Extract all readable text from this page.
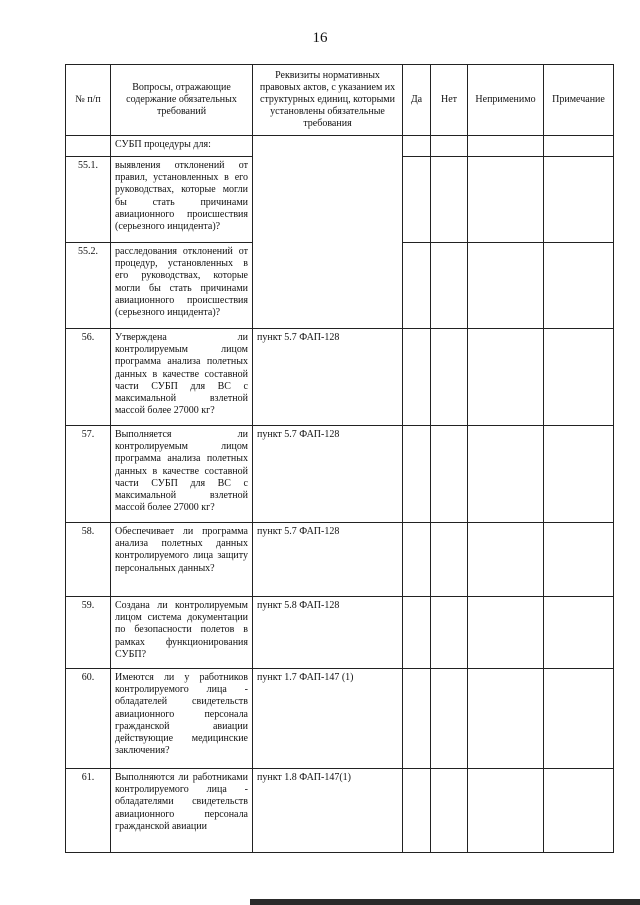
16
№ п/п	Вопросы, отражающие содержание обязательных требований	Реквизиты нормативных правовых актов, с указанием их структурных единиц, которыми установлены обязательные требования	Да	Нет	Неприменимо	Примечание
	СУБП процедуры для:					
55.1.	выявления отклонений от правил, установленных в его руководствах, которые могли бы стать причинами авиационного происшествия (серьезного инцидента)?					
55.2.	расследования отклонений от процедур, установленных в его руководствах, которые могли бы стать причинами авиационного происшествия (серьезного инцидента)?					
56.	Утверждена ли контролируемым лицом программа анализа полетных данных в качестве составной части СУБП для ВС с максимальной взлетной массой более 27000 кг?	пункт 5.7 ФАП-128				
57.	Выполняется ли контролируемым лицом программа анализа полетных данных в качестве составной части СУБП для ВС с максимальной взлетной массой более 27000 кг?	пункт 5.7 ФАП-128				
58.	Обеспечивает ли программа анализа полетных данных контролируемого лица защиту персональных данных?	пункт 5.7 ФАП-128				
59.	Создана ли контролируемым лицом система документации по безопасности полетов в рамках функционирования СУБП?	пункт 5.8 ФАП-128				
60.	Имеются ли у работников контролируемого лица - обладателей свидетельств авиационного персонала гражданской авиации действующие медицинские заключения?	пункт 1.7 ФАП-147 (1)				
61.	Выполняются ли работниками контролируемого лица - обладателями свидетельств авиационного персонала гражданской авиации	пункт 1.8 ФАП-147(1)				
